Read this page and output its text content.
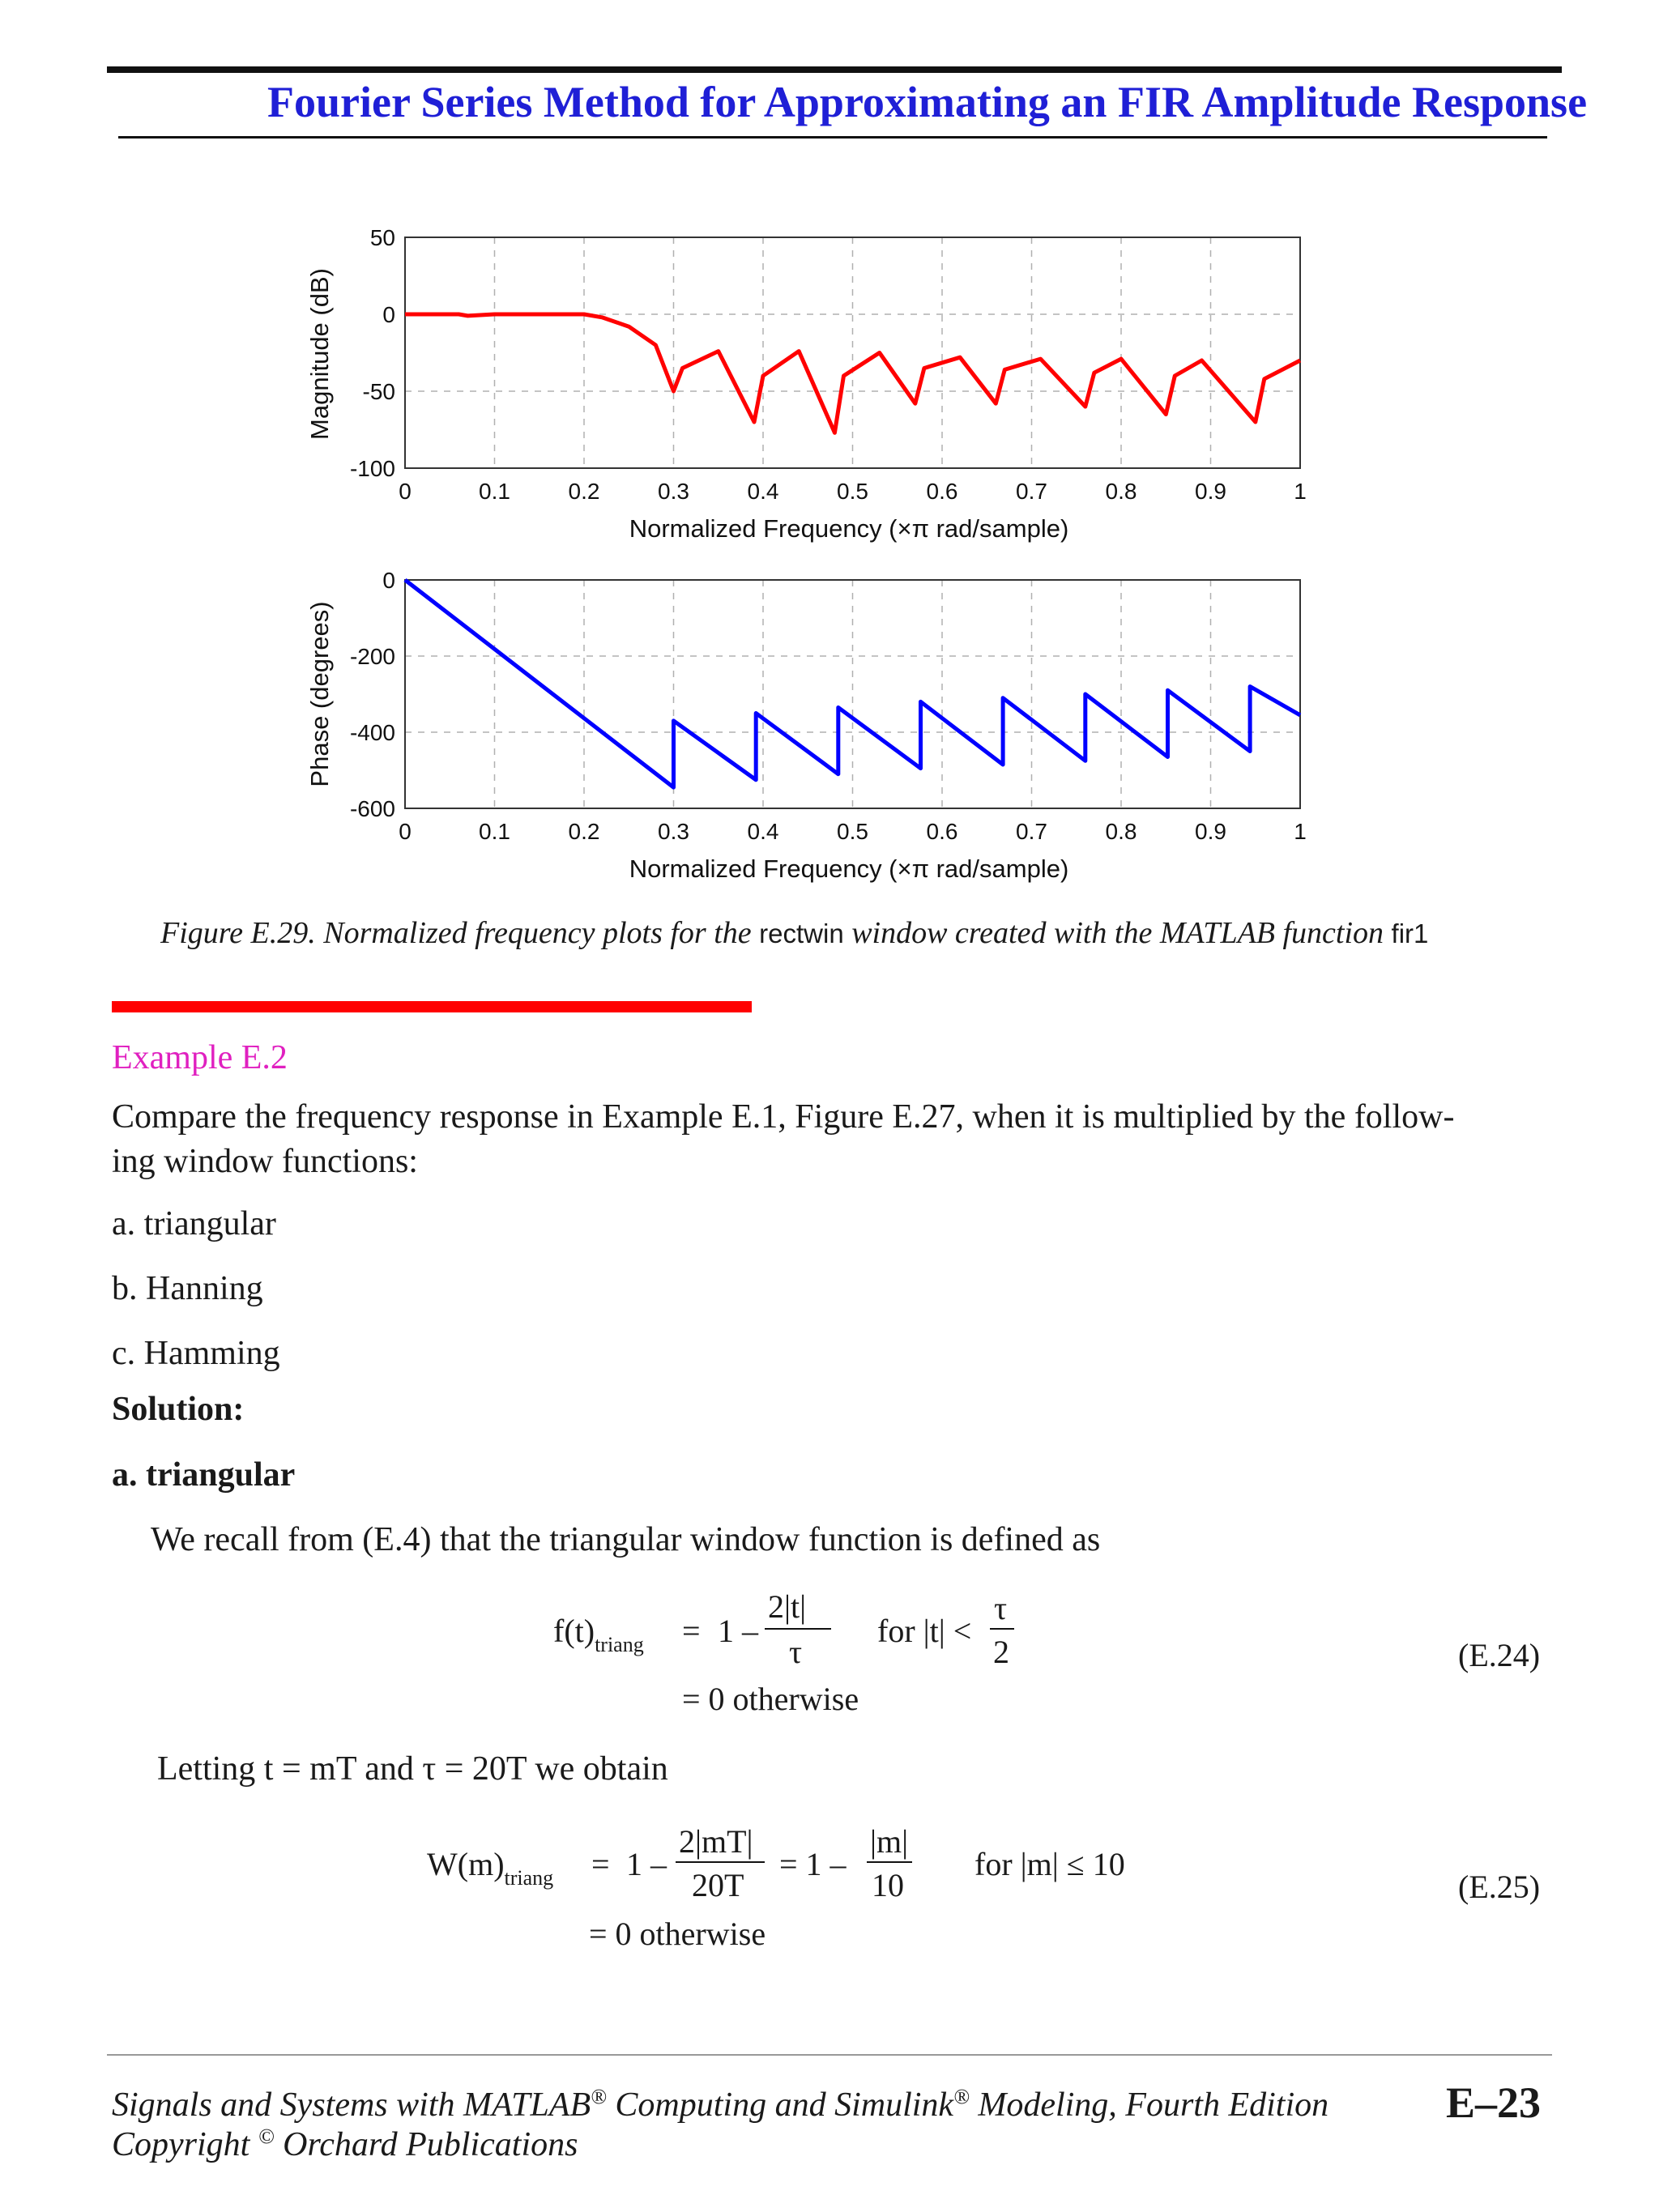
Fourier Series Method for Approximating an FIR Amplitude Response
50
0
-50
-100
0	0.1	0.2	0.3	0.4	0.5	0.6	0.7	0.8	0.9	1
Normalized Frequency (×π rad/sample)
Magnitude (dB)
0
-200
-400
-600
0	0.1	0.2	0.3	0.4	0.5	0.6	0.7	0.8	0.9	1
Normalized Frequency (×π rad/sample)
Phase (degrees)
Figure E.29. Normalized frequency plots for the rectwin window created with the MATLAB function fir1
Example E.2
Compare the frequency response in Example E.1, Figure E.27, when it is multiplied by the follow-
ing window functions:
a. triangular
b. Hanning
c. Hamming
Solution:
a. triangular
We recall from (E.4) that the triangular window function is defined as
$f(t)_{triang} = 1$ –
2|t|
τ
for |t| <
τ
2
= 0 otherwise
(E.24)
Letting t = mT and τ = 20T we obtain
$W(m)_{triang} = 1$ –
2|mT|
20T
= 1 –
|m|
10
for |m| ≤ 10
= 0 otherwise
(E.25)
Signals and Systems with MATLAB® Computing and Simulink® Modeling, Fourth Edition
Copyright © Orchard Publications
E–23
